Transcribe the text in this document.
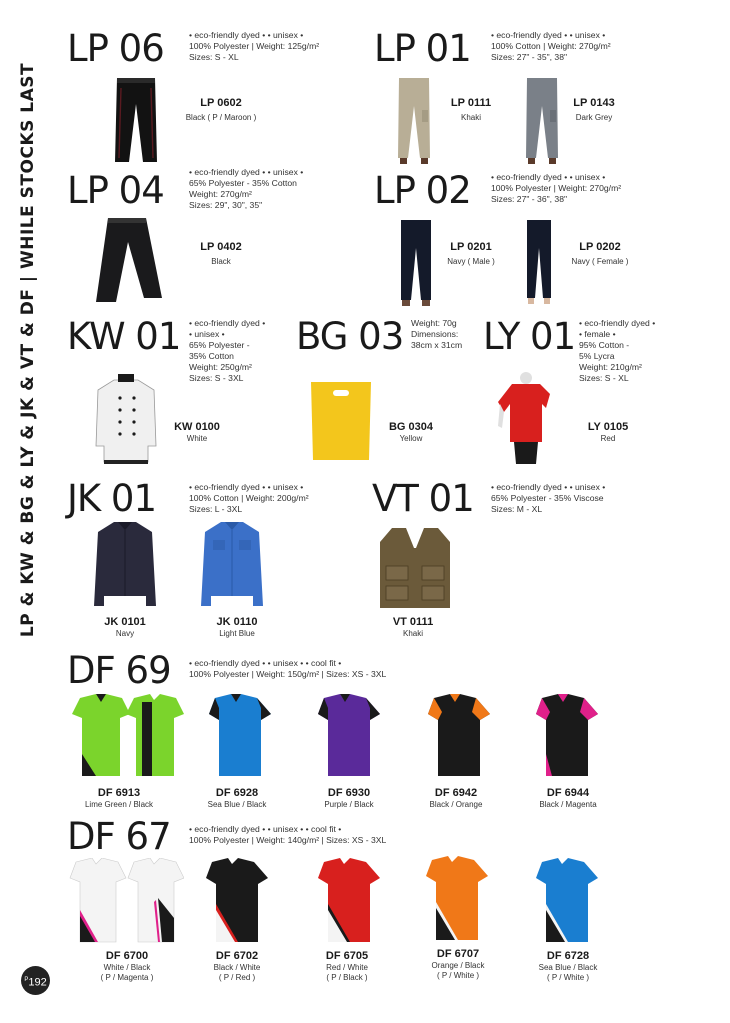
LP & KW & BG & LY & JK & VT & DF | WHILE STOCKS LAST
LP 06	• eco-friendly dyed • • unisex •
100% Polyester | Weight: 125g/m²
Sizes: S - XL
LP 0602
Black ( P / Maroon )
LP 01 • eco-friendly dyed • • unisex •
100% Cotton | Weight: 270g/m²
Sizes: 27" - 35", 38"
LP 0111
Khaki
LP 0143
Dark Grey
LP 04	• eco-friendly dyed • • unisex •
65% Polyester - 35% Cotton
Weight: 270g/m²
Sizes: 29", 30", 35"
LP 0402
Black
LP 02 • eco-friendly dyed • • unisex •
100% Polyester | Weight: 270g/m²
Sizes: 27" - 36", 38"
LP 0201
Navy ( Male )
LP 0202
Navy ( Female )
KW 01 • eco-friendly dyed •
• unisex •
65% Polyester -
35% Cotton
Weight: 250g/m²
Sizes: S - 3XL
KW 0100
White
BG 03 Weight: 70g
Dimensions:
38cm x 31cm
BG 0304
Yellow
LY 01 • eco-friendly dyed •
• female •
95% Cotton -
5% Lycra
Weight: 210g/m²
Sizes: S - XL
LY 0105
Red
JK 01	• eco-friendly dyed • • unisex •
100% Cotton | Weight: 200g/m²
Sizes: L - 3XL
JK 0101
Navy
JK 0110
Light Blue
VT 01 • eco-friendly dyed • • unisex •
65% Polyester - 35% Viscose
Sizes: M - XL
VT 0111
Khaki
DF 69 • eco-friendly dyed • • unisex • • cool fit •
100% Polyester | Weight: 150g/m² | Sizes: XS - 3XL
DF 6913
Lime Green / Black
DF 6928
Sea Blue / Black
DF 6930
Purple / Black
DF 6942
Black / Orange
DF 6944
Black / Magenta
DF 67 • eco-friendly dyed • • unisex • • cool fit •
100% Polyester | Weight: 140g/m² | Sizes: XS - 3XL
DF 6700
White / Black
( P / Magenta )
DF 6702
Black / White
( P / Red )
DF 6705
Red / White
( P / Black )
DF 6707
Orange / Black
( P / White )
DF 6728
Sea Blue / Black
( P / White )
$^P$192
